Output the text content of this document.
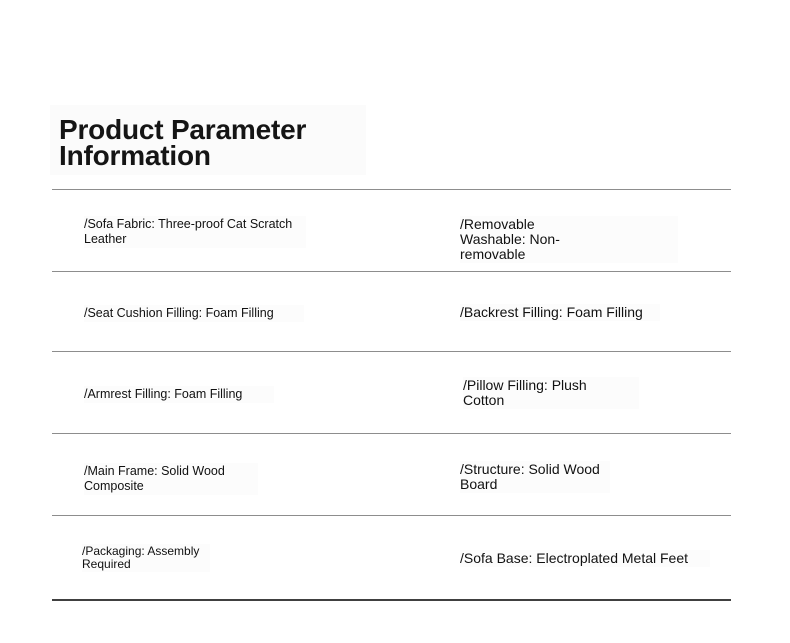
Product Parameter Information
/Sofa Fabric: Three-proof Cat Scratch Leather
/Removable Washable: Non-removable
/Seat Cushion Filling: Foam Filling	/Backrest Filling: Foam Filling
/Armrest Filling: Foam Filling
/Pillow Filling: Plush Cotton
/Main Frame: Solid Wood Composite
/Structure: Solid Wood Board
/Packaging: Assembly Required	/Sofa Base: Electroplated Metal Feet
